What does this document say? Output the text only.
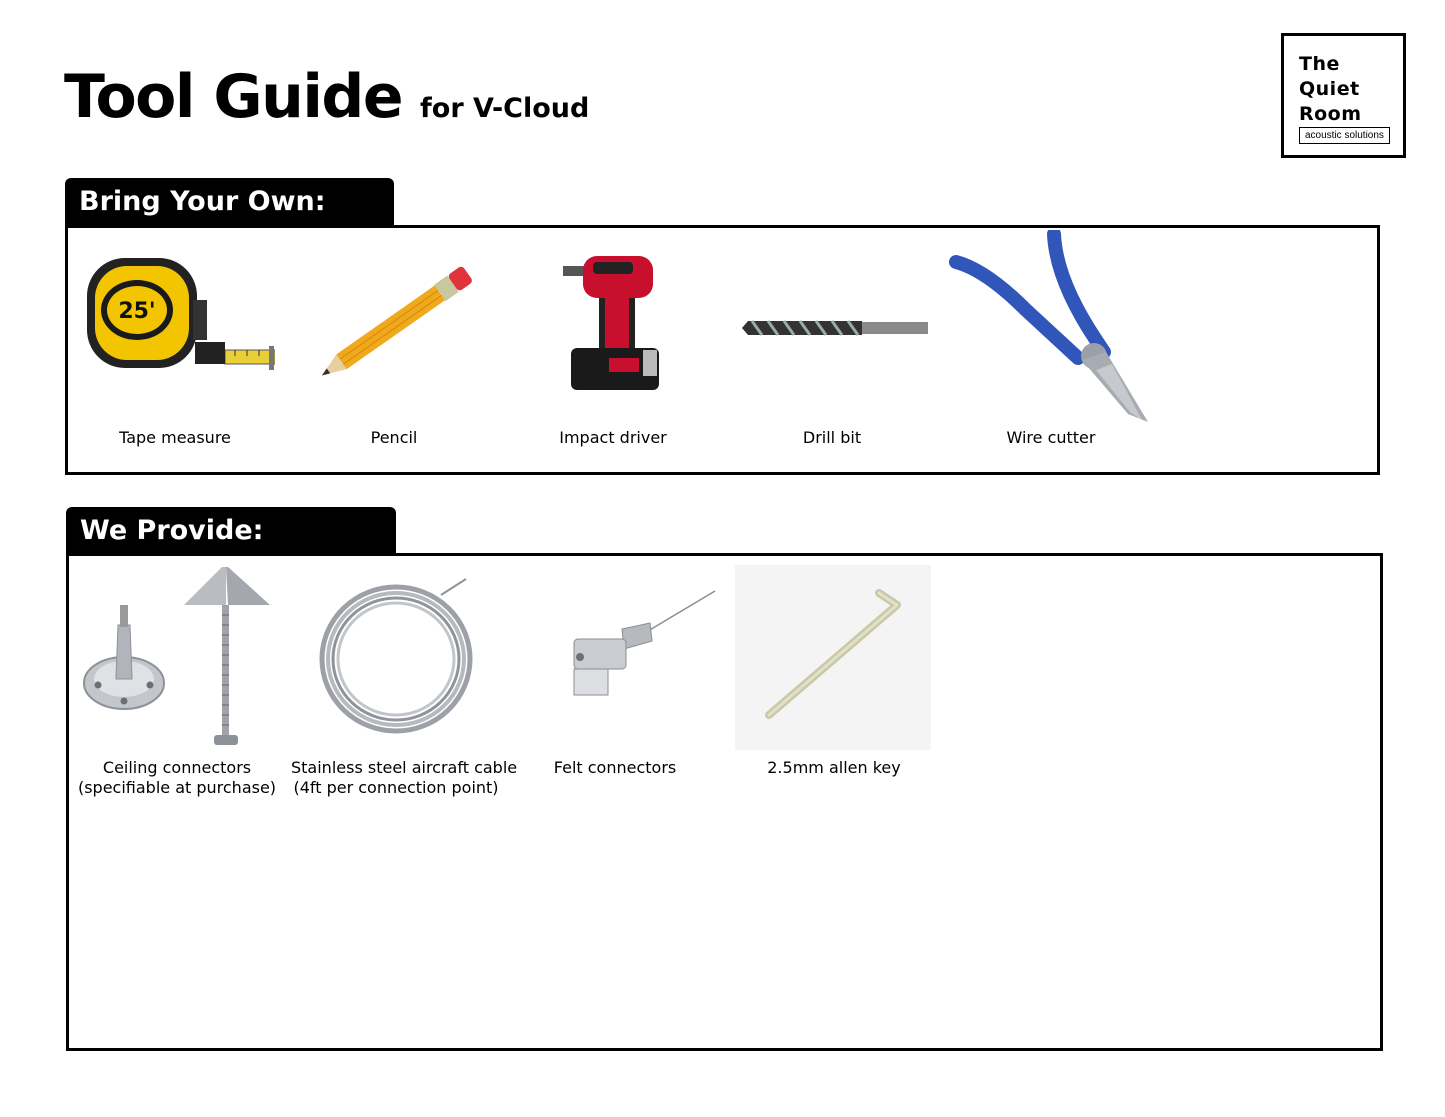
Tool Guide for V-Cloud
The
Quiet
Room
acoustic solutions
Bring Your Own:
25'
Tape measure	Pencil	Impact driver	Drill bit	Wire cutter
We Provide:
Ceiling connectors
(specifiable at purchase)
Stainless steel aircraft cable
(4ft per connection point)
Felt connectors	2.5mm allen key
